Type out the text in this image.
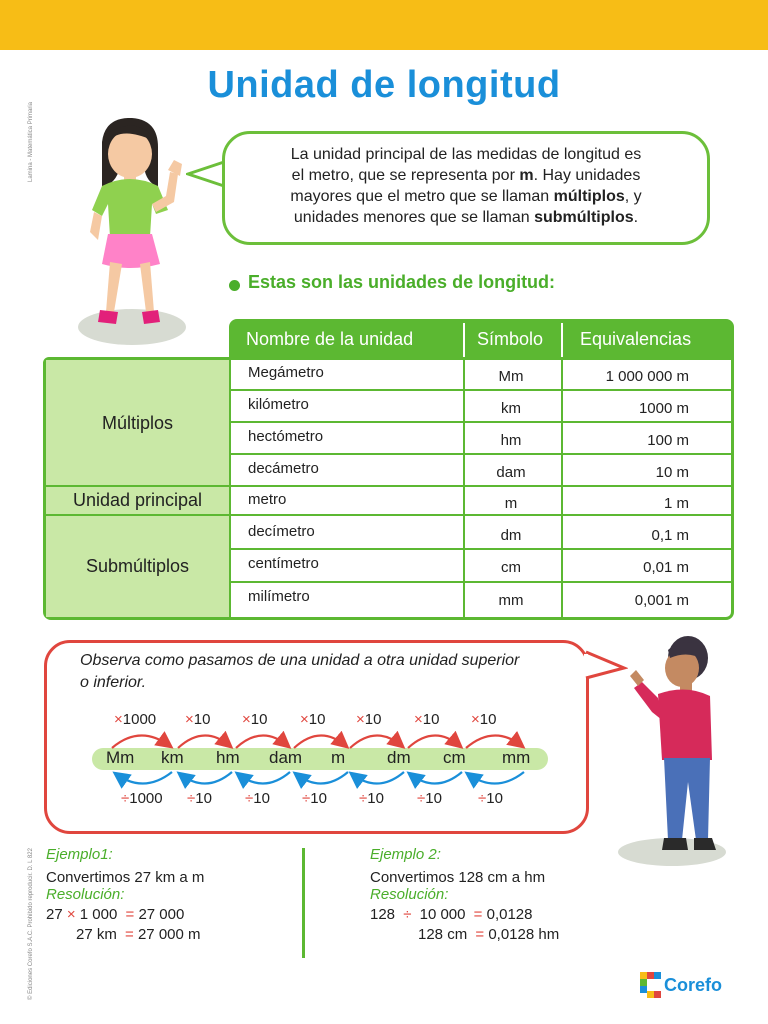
Lamina - Matemática Primaria
© Ediciones Corefo S.A.C. Prohibido reproducir. D. L 822
Unidad de longitud
La unidad principal de las medidas de longitud es
el metro, que se representa por m. Hay unidades
mayores que el metro que se llaman múltiplos, y
unidades menores que se llaman submúltiplos.
Estas son las unidades de longitud:
Nombre de la unidad	Símbolo Equivalencias
Múltiplos
Unidad principal
Submúltiplos
Megámetro	Mm	1 000 000 m
kilómetro	km	1000 m
hectómetro	hm	100 m
decámetro	dam	10 m
metro	m	1 m
decímetro	dm	0,1 m
centímetro	cm	0,01 m
milímetro	mm	0,001 m
Observa como pasamos de una unidad a otra unidad superior
o inferior.
Mm km hm dam m dm cm mm
×1000 ×10 ×10 ×10 ×10 ×10 ×10
÷1000 ÷10 ÷10 ÷10 ÷10 ÷10 ÷10
Ejemplo1:
Convertimos 27 km a m
Resolución:
27 × 1 000 = 27 000
27 km = 27 000 m
Ejemplo 2:
Convertimos 128 cm a hm
Resolución:
128 ÷ 10 000 = 0,0128
128 cm = 0,0128 hm
Corefo
